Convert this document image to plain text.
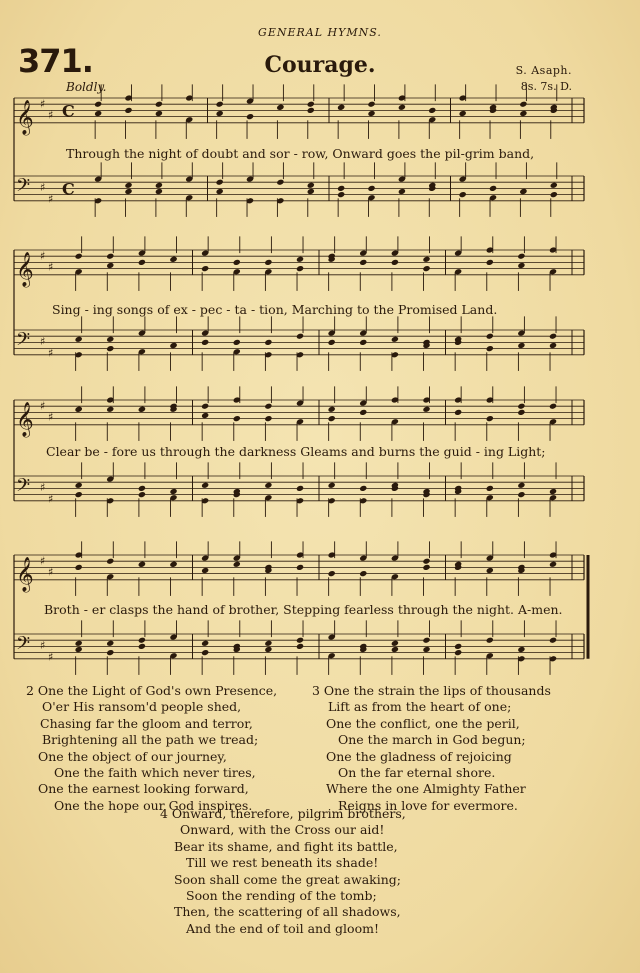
GENERAL HYMNS.
371.	Courage.
Boldly.
S. Asaph.
8s. 7s. D.
𝄞 ♯
♯ C
𝄢 ♯
♯
C
𝄞 ♯
♯
𝄢 ♯
♯
𝄞 ♯
♯
𝄢 ♯
♯
𝄞 ♯
♯
𝄢 ♯
♯
Through the night of doubt and sor - row, Onward goes the pil-grim band,
Sing - ing songs of ex - pec - ta - tion, Marching to the Promised Land.
Clear be - fore us through the darkness Gleams and burns the guid - ing Light;
Broth - er clasps the hand of brother, Stepping fearless through the night. A-men.
2 One the Light of God's own Presence,
O'er His ransom'd people shed,
Chasing far the gloom and terror,
Brightening all the path we tread;
One the object of our journey,
One the faith which never tires,
One the earnest looking forward,
One the hope our God inspires.
3 One the strain the lips of thousands
Lift as from the heart of one;
One the conflict, one the peril,
One the march in God begun;
One the gladness of rejoicing
On the far eternal shore.
Where the one Almighty Father
Reigns in love for evermore.
4 Onward, therefore, pilgrim brothers,
Onward, with the Cross our aid!
Bear its shame, and fight its battle,
Till we rest beneath its shade!
Soon shall come the great awaking;
Soon the rending of the tomb;
Then, the scattering of all shadows,
And the end of toil and gloom!
